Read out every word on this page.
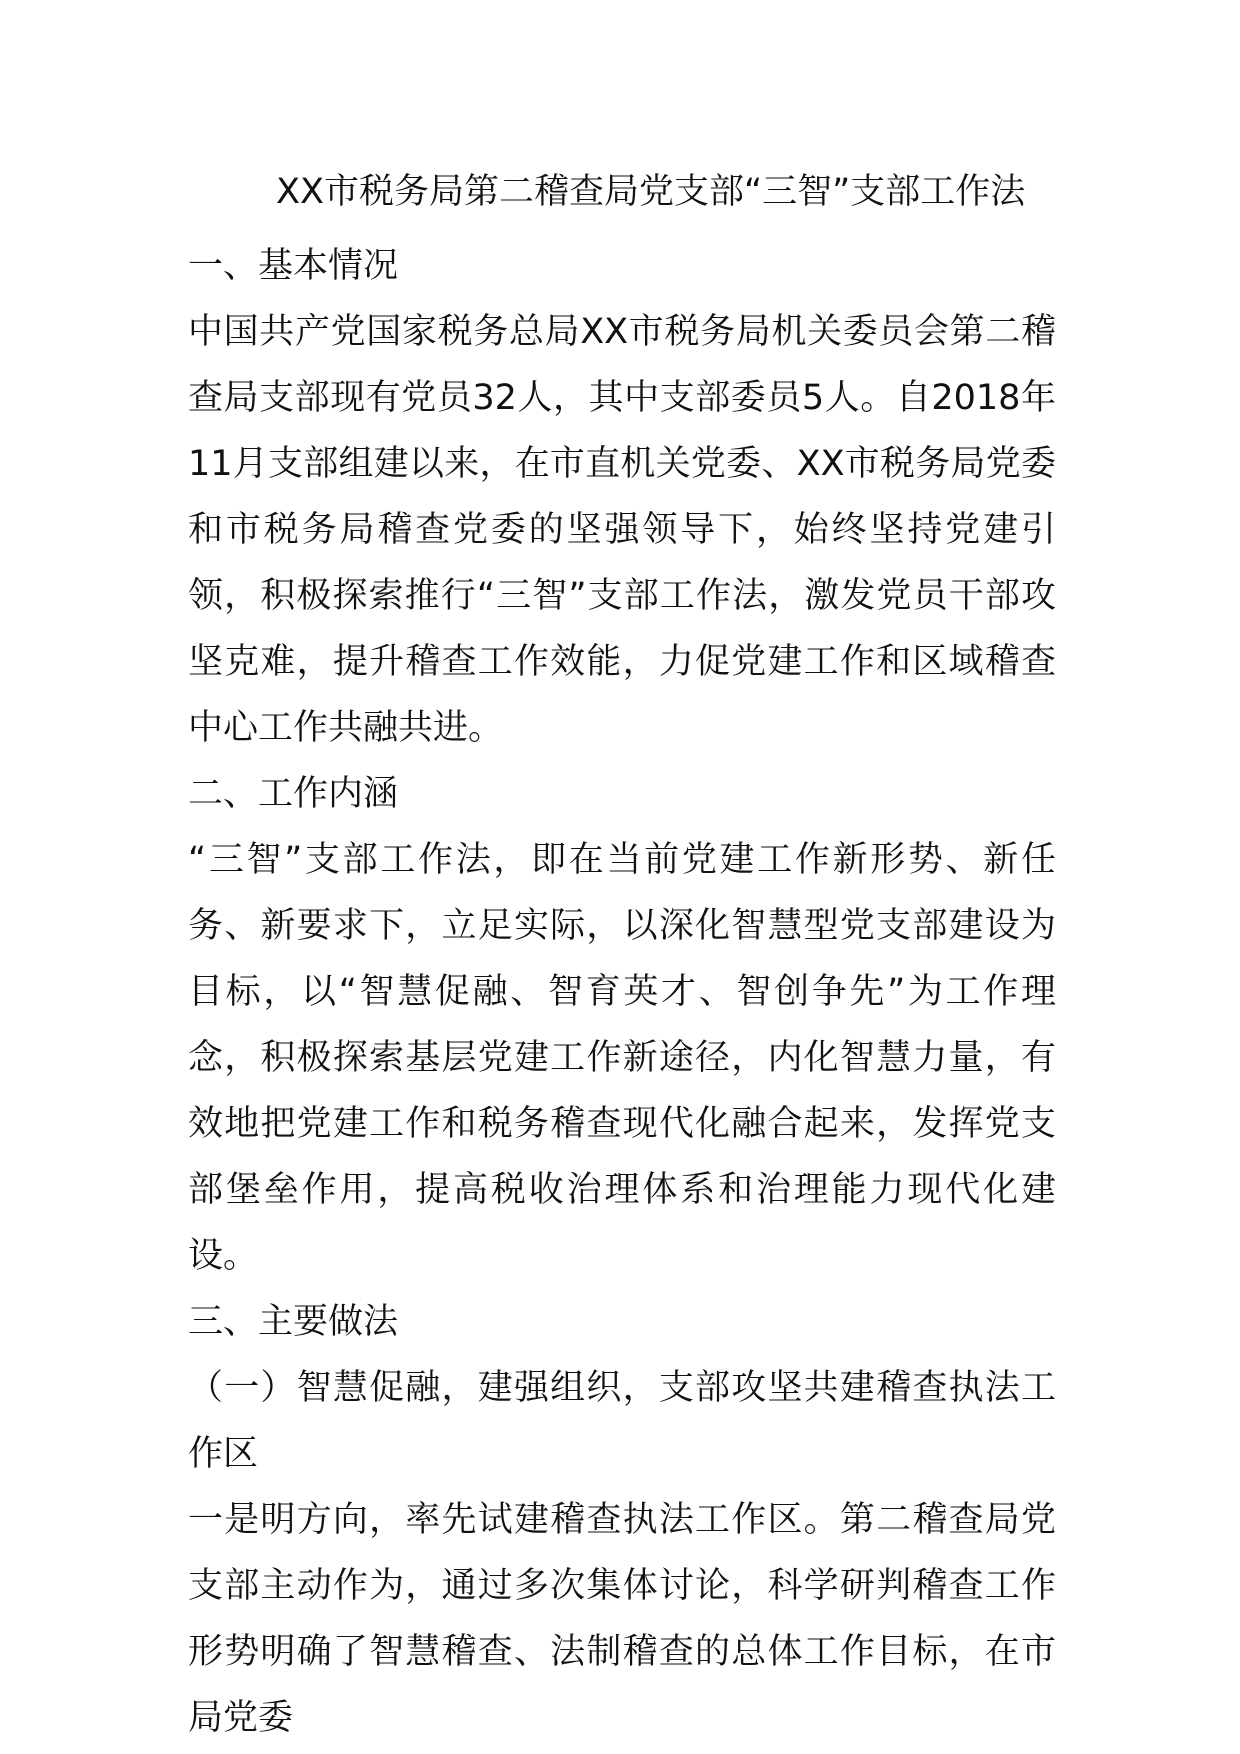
XX市税务局第二稽查局党支部“三智”支部工作法
一、基本情况

中国共产党国家税务总局XX市税务局机关委员会第二稽查局支部现有党员32人，其中支部委员5人。自2018年11月支部组建以来，在市直机关党委、XX市税务局党委和市税务局稽查党委的坚强领导下，始终坚持党建引领，积极探索推行“三智”支部工作法，激发党员干部攻坚克难，提升稽查工作效能，力促党建工作和区域稽查中心工作共融共进。

二、工作内涵

“三智”支部工作法，即在当前党建工作新形势、新任务、新要求下，立足实际，以深化智慧型党支部建设为目标，以“智慧促融、智育英才、智创争先”为工作理念，积极探索基层党建工作新途径，内化智慧力量，有效地把党建工作和税务稽查现代化融合起来，发挥党支部堡垒作用，提高税收治理体系和治理能力现代化建设。

三、主要做法

（一）智慧促融，建强组织，支部攻坚共建稽查执法工作区

一是明方向，率先试建稽查执法工作区。第二稽查局党支部主动作为，通过多次集体讨论，科学研判稽查工作形势明确了智慧稽查、法制稽查的总体工作目标，在市局党委
